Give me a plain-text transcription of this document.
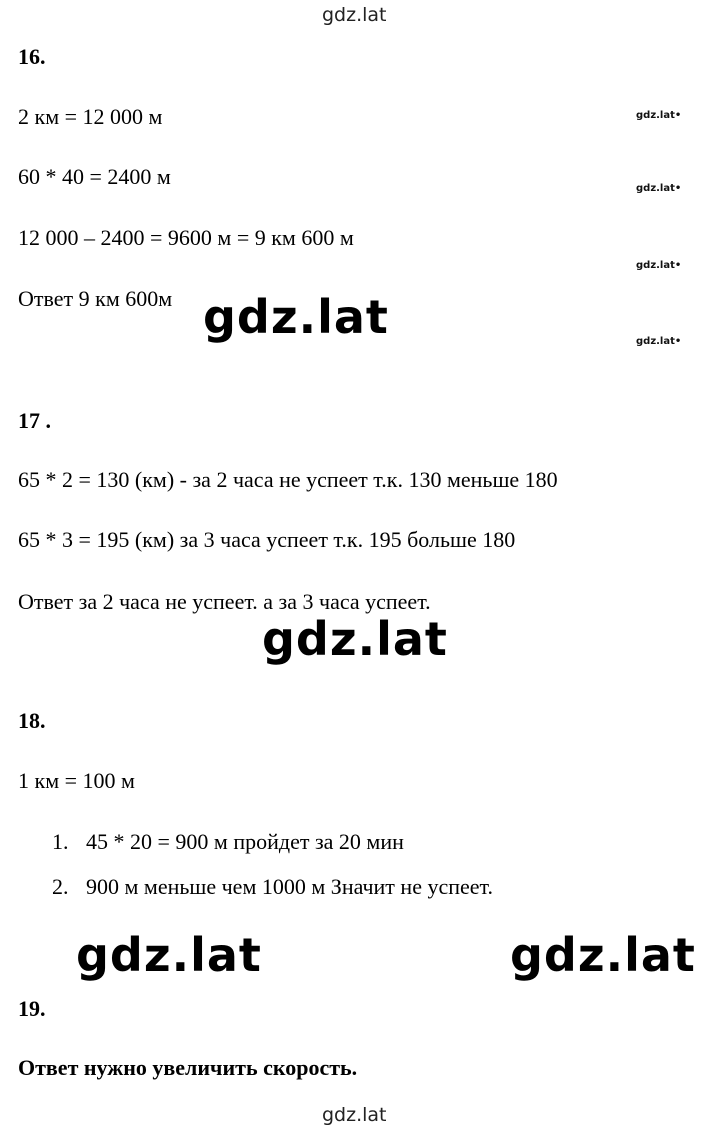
gdz.lat
16.
2 км = 12 000 м
60 * 40 = 2400 м
12 000 – 2400 = 9600 м = 9 км 600 м
Ответ 9 км 600м
gdz.lat•
gdz.lat•
gdz.lat•
gdz.lat•
gdz.lat
17 .
65 * 2 = 130 (км) - за 2 часа не успеет т.к. 130 меньше 180
65 * 3 = 195 (км) за 3 часа успеет т.к. 195 больше 180
Ответ за 2 часа не успеет. а за 3 часа успеет.
gdz.lat
18.
1 км = 100 м
1. 45 * 20 = 900 м пройдет за 20 мин
2. 900 м меньше чем 1000 м Значит не успеет.
gdz.lat	gdz.lat
19.
Ответ нужно увеличить скорость.
gdz.lat
